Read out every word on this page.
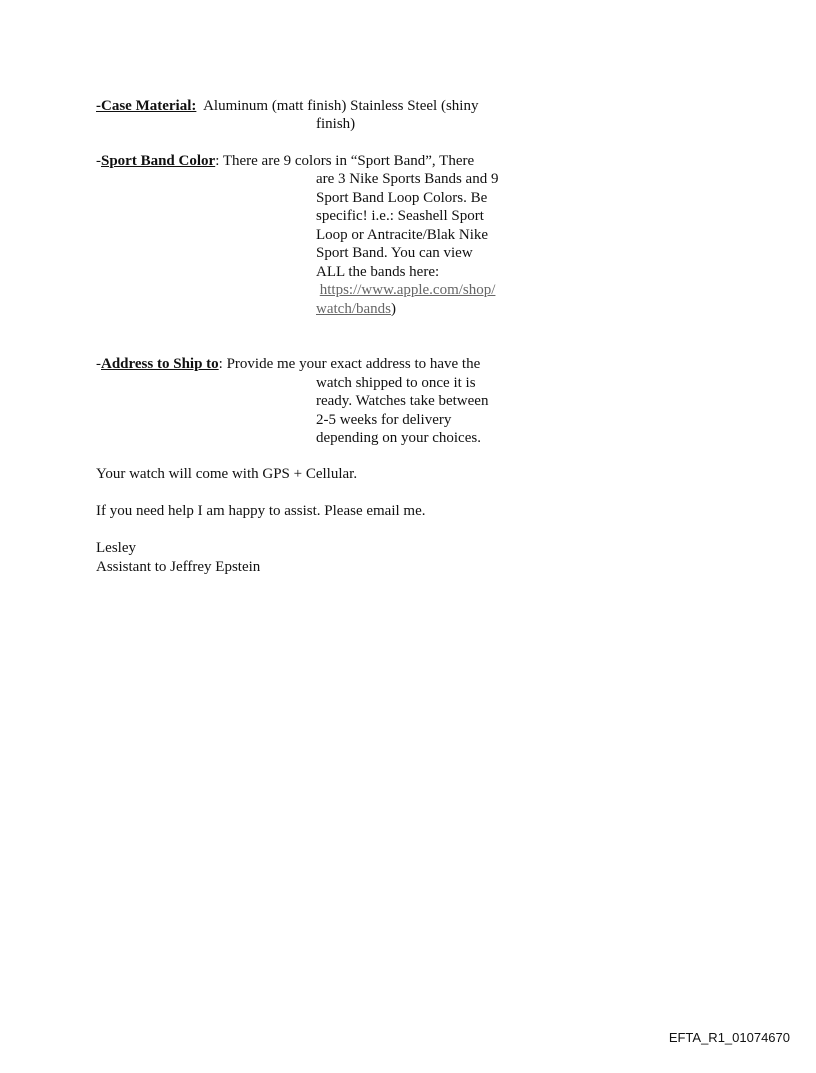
-Case Material: Aluminum (matt finish) Stainless Steel (shiny
finish)
-Sport Band Color: There are 9 colors in “Sport Band”, There
are 3 Nike Sports Bands and 9
Sport Band Loop Colors. Be
specific! i.e.: Seashell Sport
Loop or Antracite/Blak Nike
Sport Band. You can view
ALL the bands here:
https://www.apple.com/shop/
watch/bands)
-Address to Ship to: Provide me your exact address to have the
watch shipped to once it is
ready. Watches take between
2-5 weeks for delivery
depending on your choices.
Your watch will come with GPS + Cellular.
If you need help I am happy to assist. Please email me.
Lesley
Assistant to Jeffrey Epstein
EFTA_R1_01074670
